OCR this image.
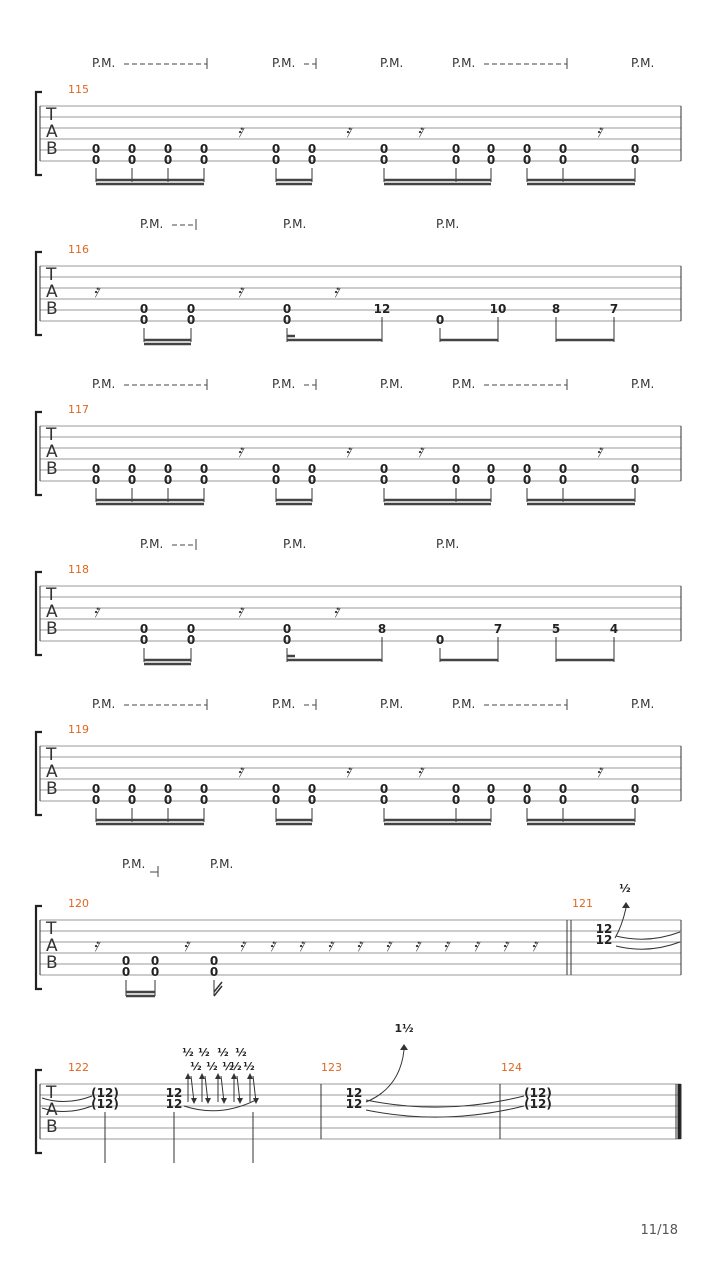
T
A
B
115
P.M.	P.M.	P.M.	P.M.	P.M.
0
0
0
0
0
0
0
0
0
0
0
0
0
0
0
0
0
0
0
0
0
0
0
0
𝄿	𝄿	𝄿	𝄿
T
A
B
116
P.M.	P.M.	P.M.
𝄿	𝄿	𝄿
0
0
0
0
0
0
12
0
10	8	7
T
A
B
117
P.M.	P.M.	P.M.	P.M.	P.M.
0
0
0
0
0
0
0
0
0
0
0
0
0
0
0
0
0
0
0
0
0
0
0
0
𝄿	𝄿	𝄿	𝄿
T
A
B
118
P.M.	P.M.	P.M.
𝄿	𝄿	𝄿
0
0
0
0
0
0
8
0
7	5	4
T
A
B
119
P.M.	P.M.	P.M.	P.M.	P.M.
0
0
0
0
0
0
0
0
0
0
0
0
0
0
0
0
0
0
0
0
0
0
0
0
𝄿	𝄿	𝄿	𝄿
T
A
B
120	121
P.M.	P.M.
𝄿	𝄿	𝄿 𝄿 𝄿 𝄿 𝄿 𝄿 𝄿 𝄿 𝄿 𝄿 𝄿
0
0
0
0
0
0
12
12
½
T
A
B
122	123	124
(12)
(12)
12
12
½ ½ ½ ½
½ ½ ½
½ ½
12
12
1½
(12)
(12)
11/18
